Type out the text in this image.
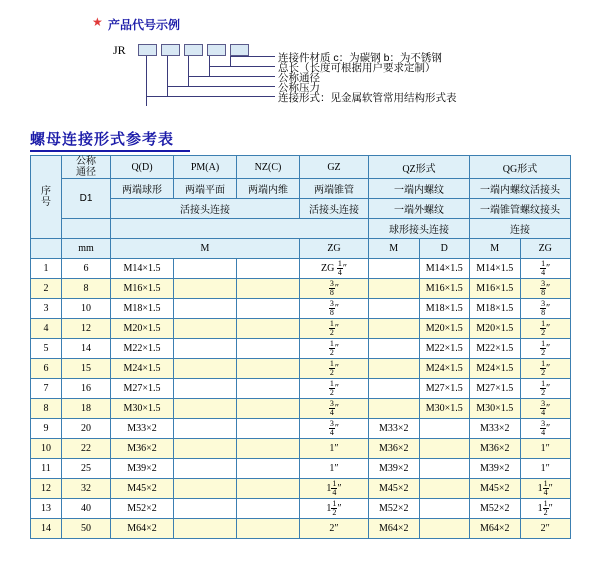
★ 产品代号示例
JR
连接件材质 c：为碳钢 b：为不锈钢
总长（长度可根据用户要求定制）
公称通径
公称压力
连接形式：见金属软管常用结构形式表
螺母连接形式参考表
序
号	公称
通径	Q(D)	PM(A)	NZ(C)	GZ	QZ形式		QG形式	
	D1	两端球形	两端平面	两端内维	两端锥管	一端内螺纹		一端内螺纹活接头	
		活接头连接			活接头连接	一端外螺纹		一端锥管螺纹接头	
						球形接头连接		连接	
	mm	M			ZG	M	D	M	ZG
1	6	M14×1.5			ZG $\frac{1}{4}$ ″		M14×1.5	M14×1.5	$\frac{1}{4}$ ″
2	8	M16×1.5			$\frac{3}{8}$ ″		M16×1.5	M16×1.5	$\frac{3}{8}$ ″
3	10	M18×1.5			$\frac{3}{8}$ ″		M18×1.5	M18×1.5	$\frac{3}{8}$ ″
4	12	M20×1.5			$\frac{1}{2}$ ″		M20×1.5	M20×1.5	$\frac{1}{2}$ ″
5	14	M22×1.5			$\frac{1}{2}$ ″		M22×1.5	M22×1.5	$\frac{1}{2}$ ″
6	15	M24×1.5			$\frac{1}{2}$ ″		M24×1.5	M24×1.5	$\frac{1}{2}$ ″
7	16	M27×1.5			$\frac{1}{2}$ ″		M27×1.5	M27×1.5	$\frac{1}{2}$ ″
8	18	M30×1.5			$\frac{3}{4}$ ″		M30×1.5	M30×1.5	$\frac{3}{4}$ ″
9	20	M33×2			$\frac{3}{4}$ ″	M33×2		M33×2	$\frac{3}{4}$ ″
10	22	M36×2			1″	M36×2		M36×2	1″
11	25	M39×2			1″	M39×2		M39×2	1″
12	32	M45×2			$1 \frac{1}{4}$ ″	M45×2		M45×2	$1 \frac{1}{4}$ ″
13	40	M52×2			$1 \frac{1}{2}$ ″	M52×2		M52×2	$1 \frac{1}{2}$ ″
14	50	M64×2			2″	M64×2		M64×2	2″
